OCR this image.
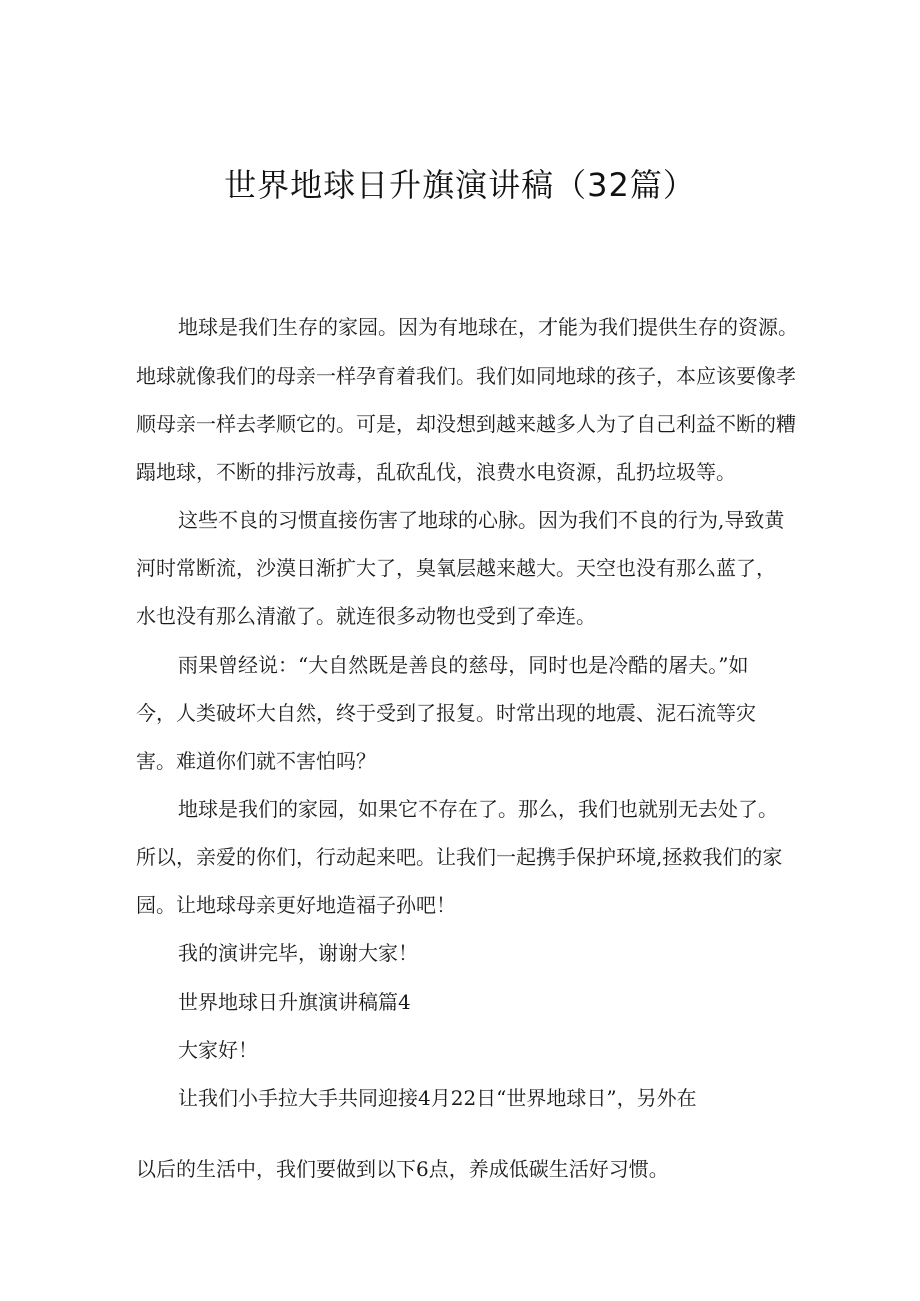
世界地球日升旗演讲稿（32篇）

地球是我们生存的家园。因为有地球在，才能为我们提供生存的资源。

地球就像我们的母亲一样孕育着我们。我们如同地球的孩子，本应该要像孝

顺母亲一样去孝顺它的。可是，却没想到越来越多人为了自己利益不断的糟

蹋地球，不断的排污放毒，乱砍乱伐，浪费水电资源，乱扔垃圾等。

这些不良的习惯直接伤害了地球的心脉。因为我们不良的行为,导致黄

河时常断流，沙漠日渐扩大了，臭氧层越来越大。天空也没有那么蓝了，

水也没有那么清澈了。就连很多动物也受到了牵连。

雨果曾经说：“大自然既是善良的慈母，同时也是冷酷的屠夫。”如

今，人类破坏大自然，终于受到了报复。时常出现的地震、泥石流等灾

害。难道你们就不害怕吗？

地球是我们的家园，如果它不存在了。那么，我们也就别无去处了。

所以，亲爱的你们，行动起来吧。让我们一起携手保护环境,拯救我们的家

园。让地球母亲更好地造福子孙吧！

我的演讲完毕，谢谢大家！

世界地球日升旗演讲稿篇4

大家好！

让我们小手拉大手共同迎接4月22日“世界地球日”，另外在

以后的生活中，我们要做到以下6点，养成低碳生活好习惯。
